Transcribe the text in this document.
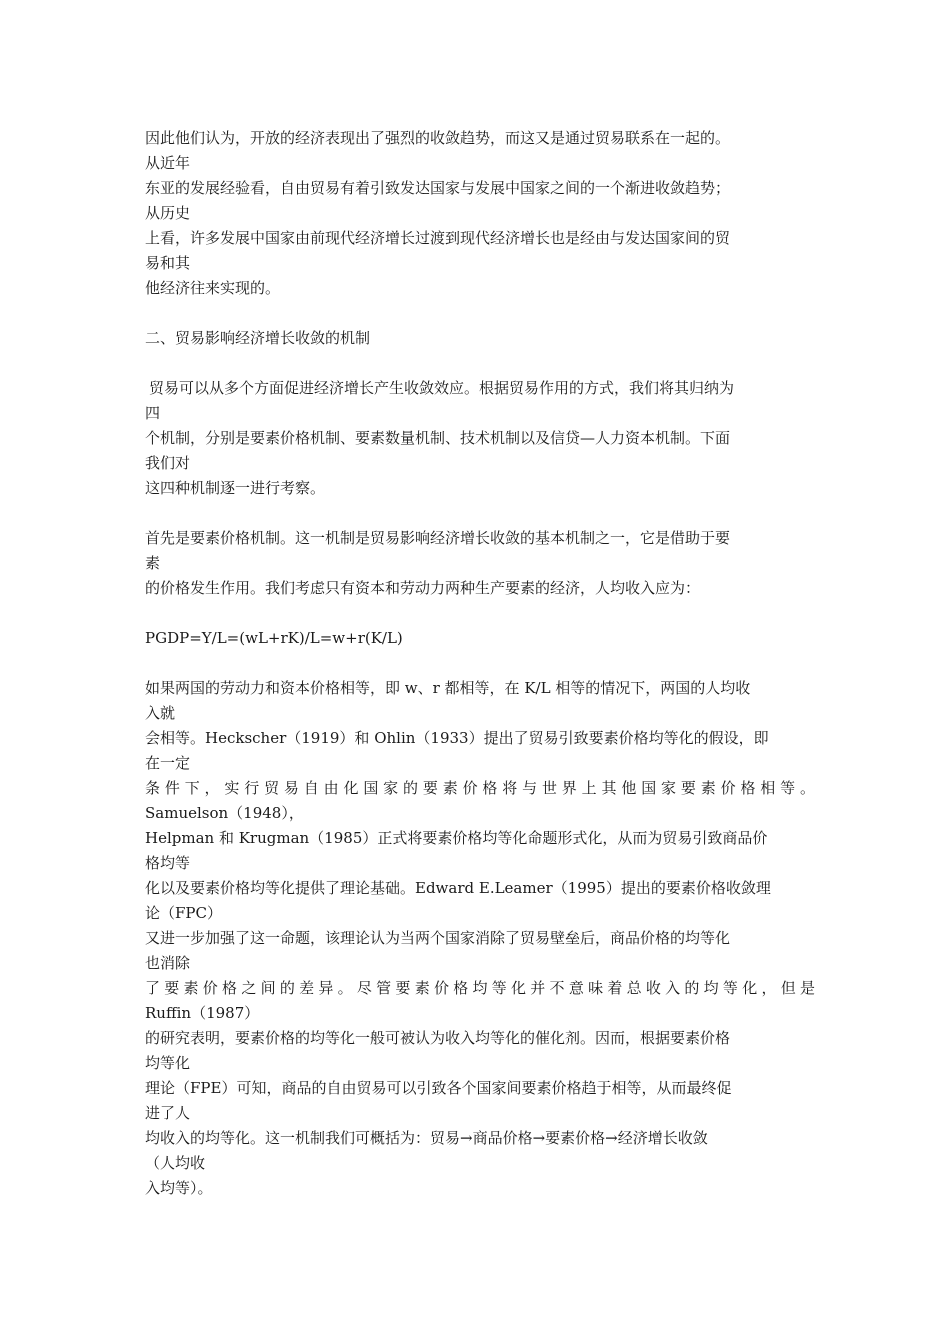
因此他们认为，开放的经济表现出了强烈的收敛趋势，而这又是通过贸易联系在一起的。
从近年
东亚的发展经验看，自由贸易有着引致发达国家与发展中国家之间的一个渐进收敛趋势；
从历史
上看，许多发展中国家由前现代经济增长过渡到现代经济增长也是经由与发达国家间的贸
易和其
他经济往来实现的。
二、贸易影响经济增长收敛的机制
贸易可以从多个方面促进经济增长产生收敛效应。根据贸易作用的方式，我们将其归纳为
四
个机制，分别是要素价格机制、要素数量机制、技术机制以及信贷—人力资本机制。下面
我们对
这四种机制逐一进行考察。
首先是要素价格机制。这一机制是贸易影响经济增长收敛的基本机制之一，它是借助于要
素
的价格发生作用。我们考虑只有资本和劳动力两种生产要素的经济，人均收入应为：
PGDP=Y/L=(wL+rK)/L=w+r(K/L)
如果两国的劳动力和资本价格相等，即 w、r 都相等，在 K/L 相等的情况下，两国的人均收
入就
会相等。Heckscher（1919）和 Ohlin（1933）提出了贸易引致要素价格均等化的假设，即
在一定
条件下，实行贸易自由化国家的要素价格将与世界上其他国家要素价格相等。
Samuelson（1948），
Helpman 和 Krugman（1985）正式将要素价格均等化命题形式化，从而为贸易引致商品价
格均等
化以及要素价格均等化提供了理论基础。Edward E.Leamer（1995）提出的要素价格收敛理
论（FPC）
又进一步加强了这一命题，该理论认为当两个国家消除了贸易壁垒后，商品价格的均等化
也消除
了要素价格之间的差异。尽管要素价格均等化并不意味着总收入的均等化，但是
Ruffin（1987）
的研究表明，要素价格的均等化一般可被认为收入均等化的催化剂。因而，根据要素价格
均等化
理论（FPE）可知，商品的自由贸易可以引致各个国家间要素价格趋于相等，从而最终促
进了人
均收入的均等化。这一机制我们可概括为：贸易→商品价格→要素价格→经济增长收敛
（人均收
入均等）。
